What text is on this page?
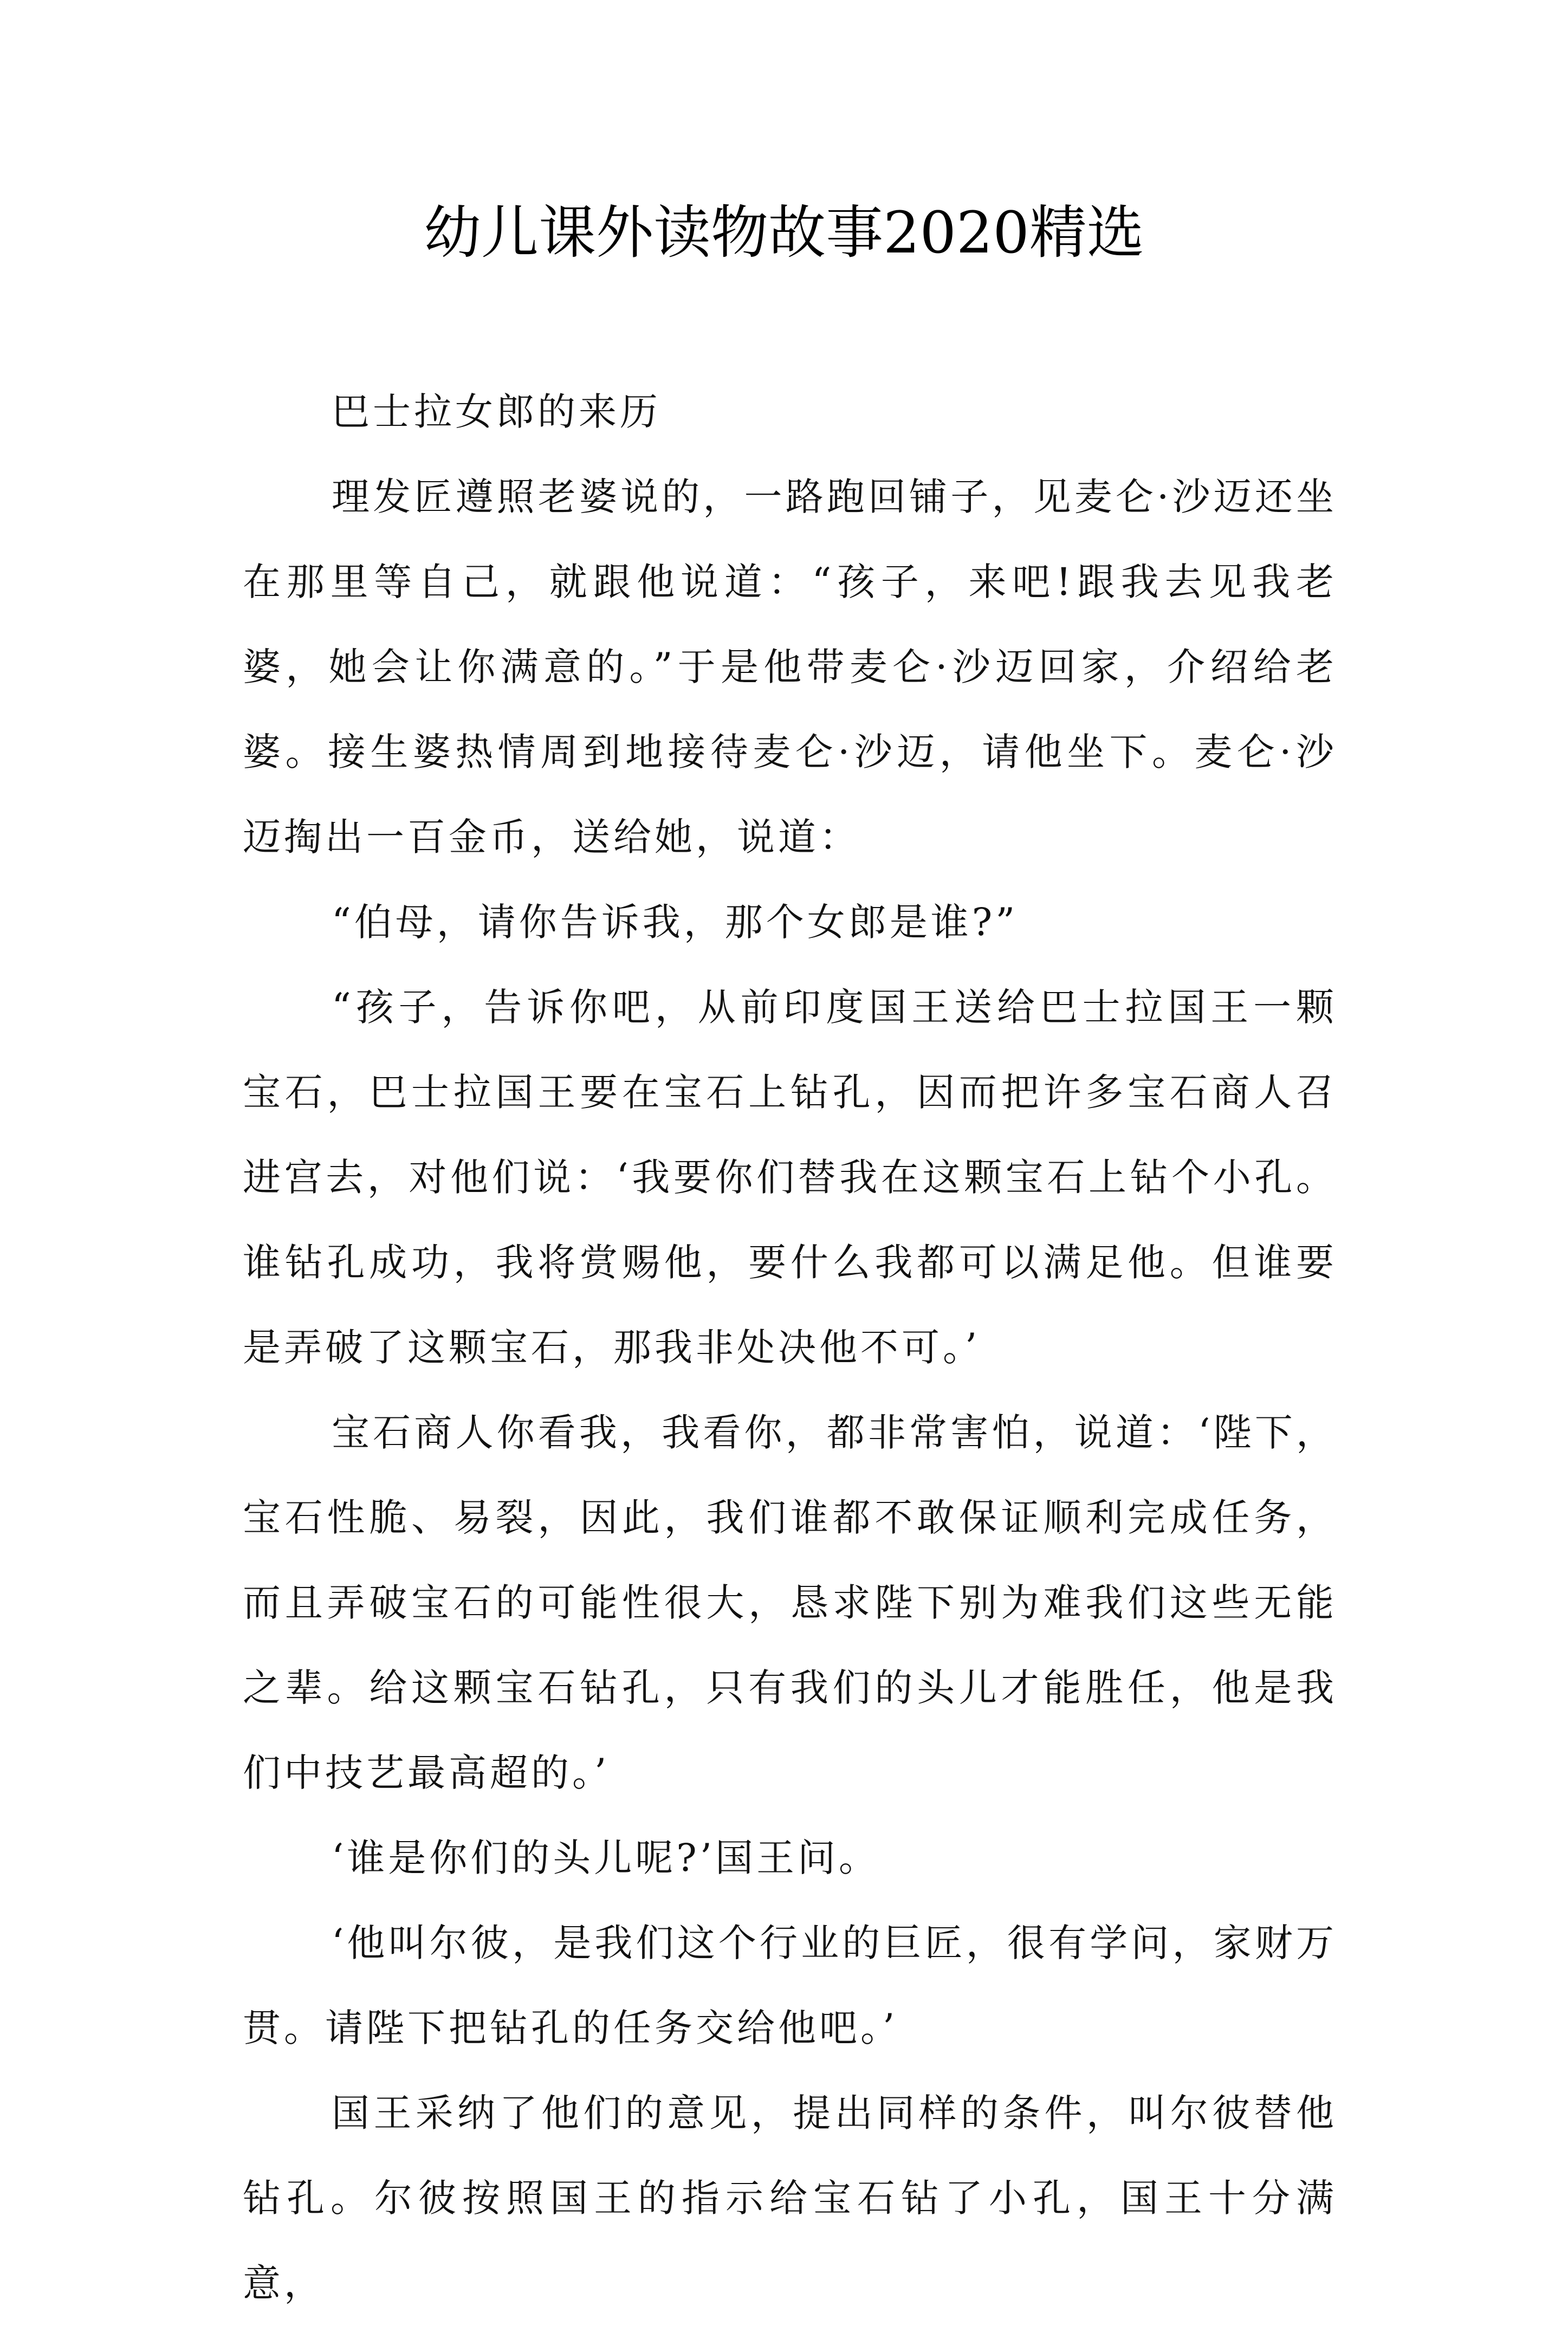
幼儿课外读物故事2020精选

巴士拉女郎的来历

理发匠遵照老婆说的，一路跑回铺子，见麦仑·沙迈还坐在那里等自己，就跟他说道：“孩子，来吧!跟我去见我老婆，她会让你满意的。”于是他带麦仑·沙迈回家，介绍给老婆。接生婆热情周到地接待麦仑·沙迈，请他坐下。麦仑·沙迈掏出一百金币，送给她，说道：

“伯母，请你告诉我，那个女郎是谁?”

“孩子，告诉你吧，从前印度国王送给巴士拉国王一颗宝石，巴士拉国王要在宝石上钻孔，因而把许多宝石商人召进宫去，对他们说：‘我要你们替我在这颗宝石上钻个小孔。谁钻孔成功，我将赏赐他，要什么我都可以满足他。但谁要是弄破了这颗宝石，那我非处决他不可。’

宝石商人你看我，我看你，都非常害怕，说道：‘陛下，宝石性脆、易裂，因此，我们谁都不敢保证顺利完成任务，而且弄破宝石的可能性很大，恳求陛下别为难我们这些无能之辈。给这颗宝石钻孔，只有我们的头儿才能胜任，他是我们中技艺最高超的。’

‘谁是你们的头儿呢?’国王问。

‘他叫尔彼，是我们这个行业的巨匠，很有学问，家财万贯。请陛下把钻孔的任务交给他吧。’

国王采纳了他们的意见，提出同样的条件，叫尔彼替他钻孔。尔彼按照国王的指示给宝石钻了小孔，国王十分满意，
